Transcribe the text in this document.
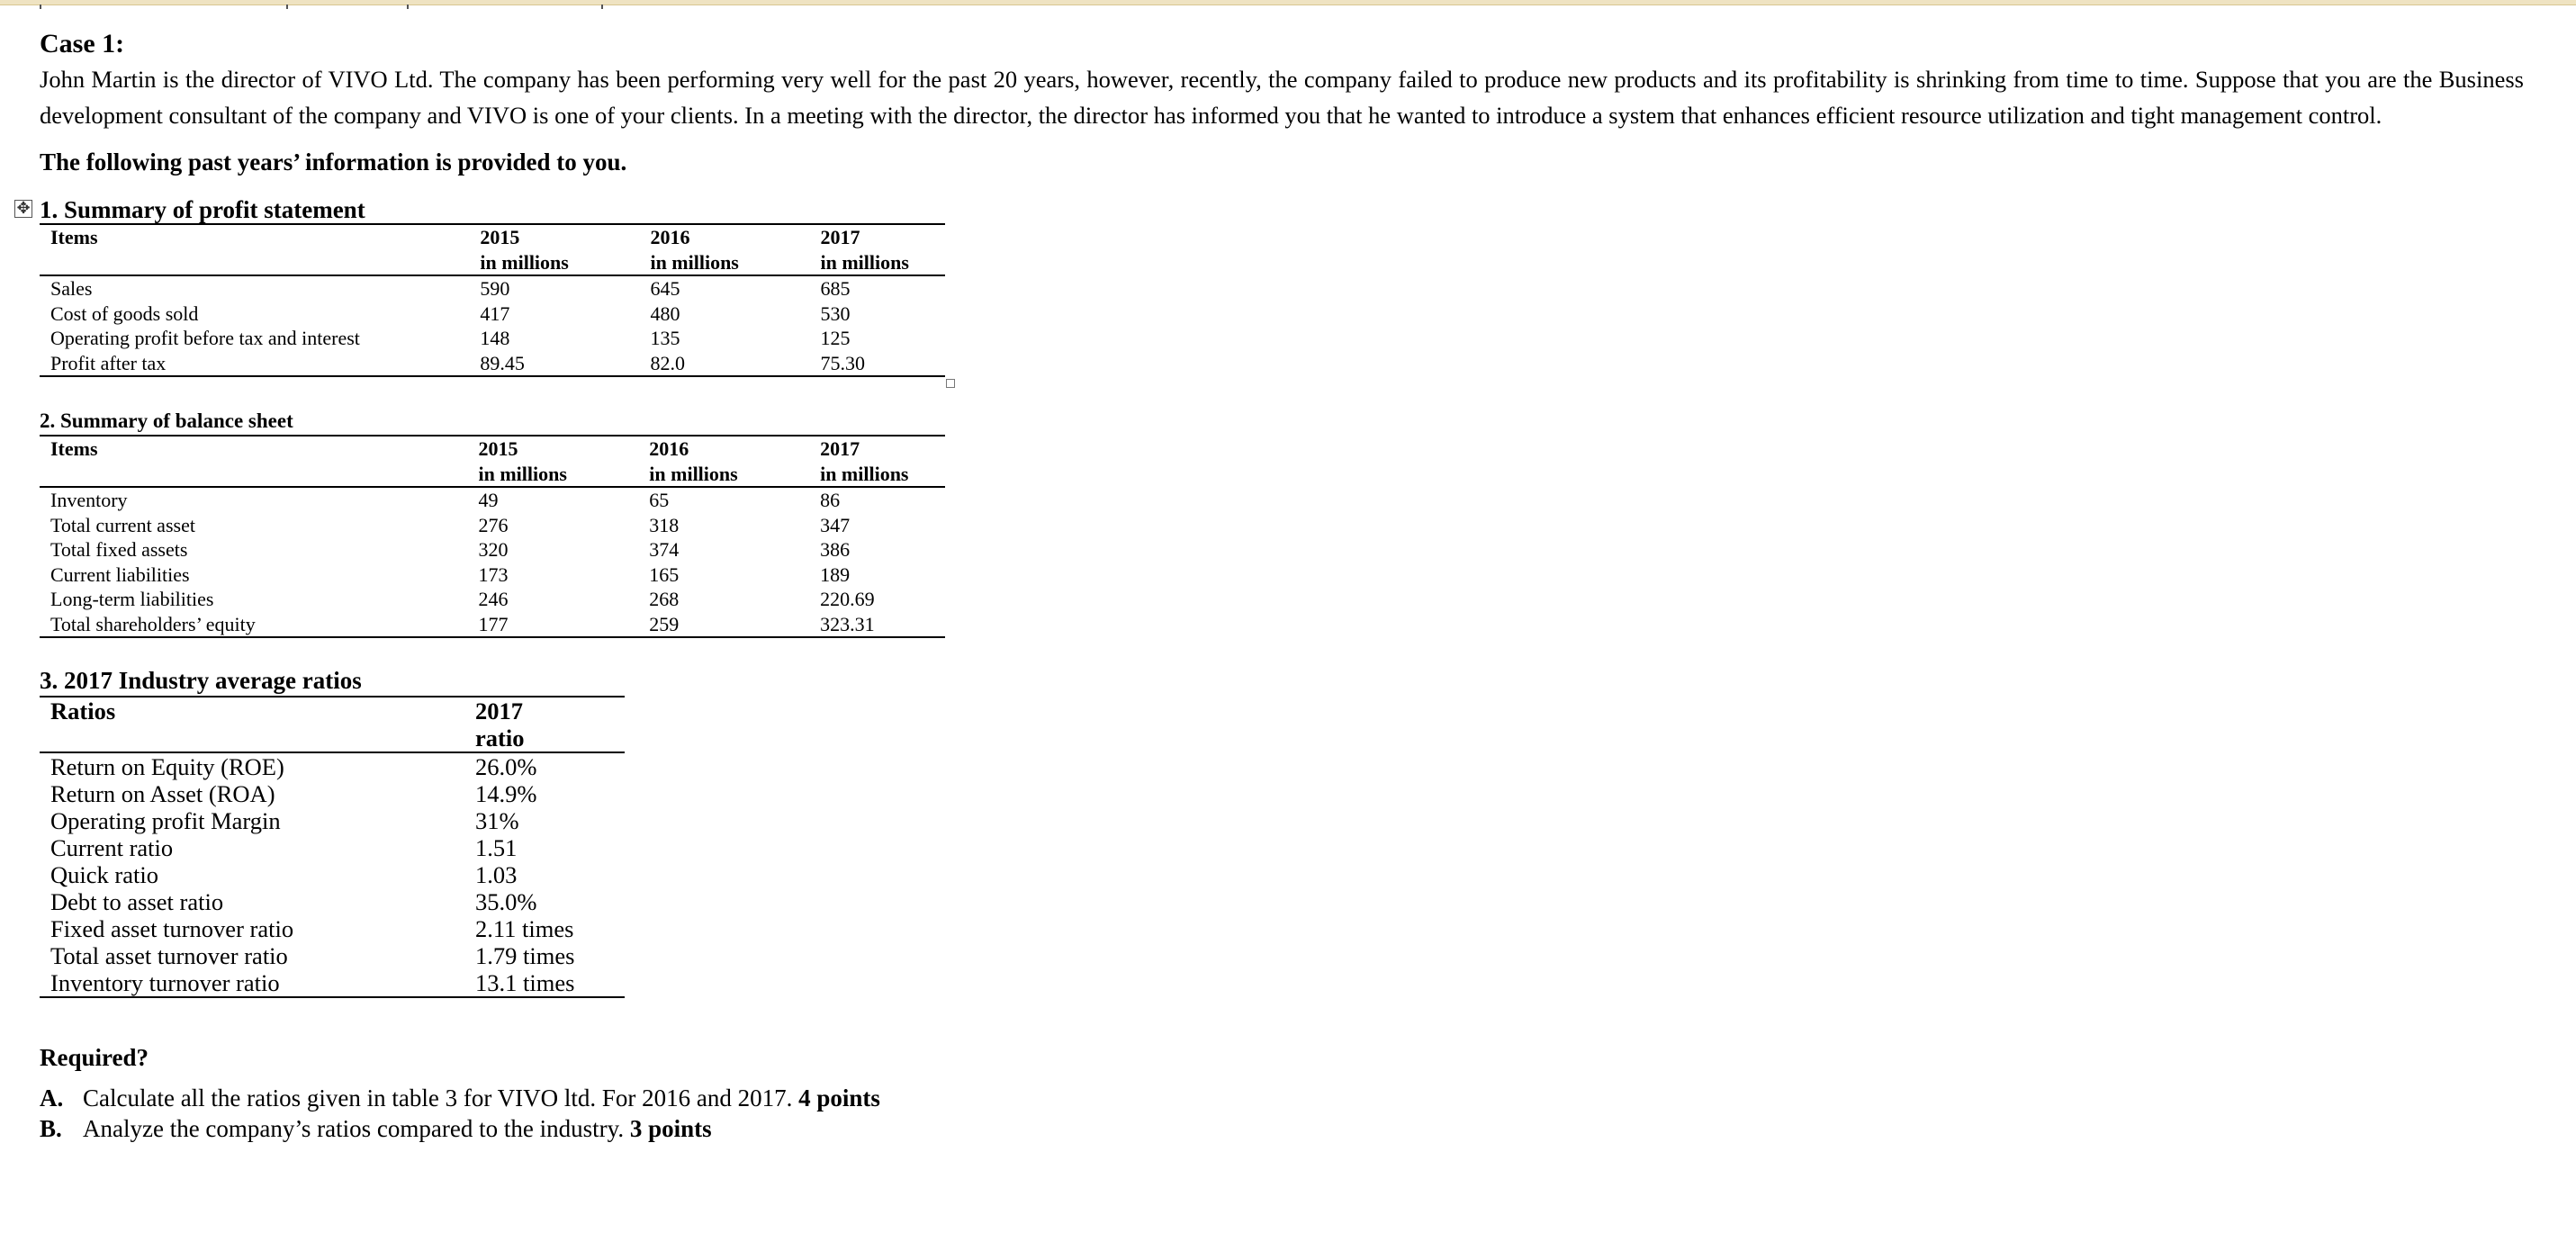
Case 1:

John Martin is the director of VIVO Ltd. The company has been performing very well for the past 20 years, however, recently, the company failed to produce new products and its profitability is shrinking from time to time. Suppose that you are the Business development consultant of the company and VIVO is one of your clients. In a meeting with the director, the director has informed you that he wanted to introduce a system that enhances efficient resource utilization and tight management control.

The following past years’ information is provided to you.

✥ 1. Summary of profit statement

Items	2015	2016	2017
	in millions	in millions	in millions
Sales	590	645	685
Cost of goods sold	417	480	530
Operating profit before tax and interest	148	135	125
Profit after tax	89.45	82.0	75.30

2. Summary of balance sheet

Items	2015	2016	2017
	in millions	in millions	in millions
Inventory	49	65	86
Total current asset	276	318	347
Total fixed assets	320	374	386
Current liabilities	173	165	189
Long-term liabilities	246	268	220.69
Total shareholders’ equity	177	259	323.31

3. 2017 Industry average ratios

Ratios	2017
	ratio
Return on Equity (ROE)	26.0%
Return on Asset (ROA)	14.9%
Operating profit Margin	31%
Current ratio	1.51
Quick ratio	1.03
Debt to asset ratio	35.0%
Fixed asset turnover ratio	2.11 times
Total asset turnover ratio	1.79 times
Inventory turnover ratio	13.1 times

Required?

A. Calculate all the ratios given in table 3 for VIVO ltd. For 2016 and 2017. 4 points

B. Analyze the company’s ratios compared to the industry. 3 points
